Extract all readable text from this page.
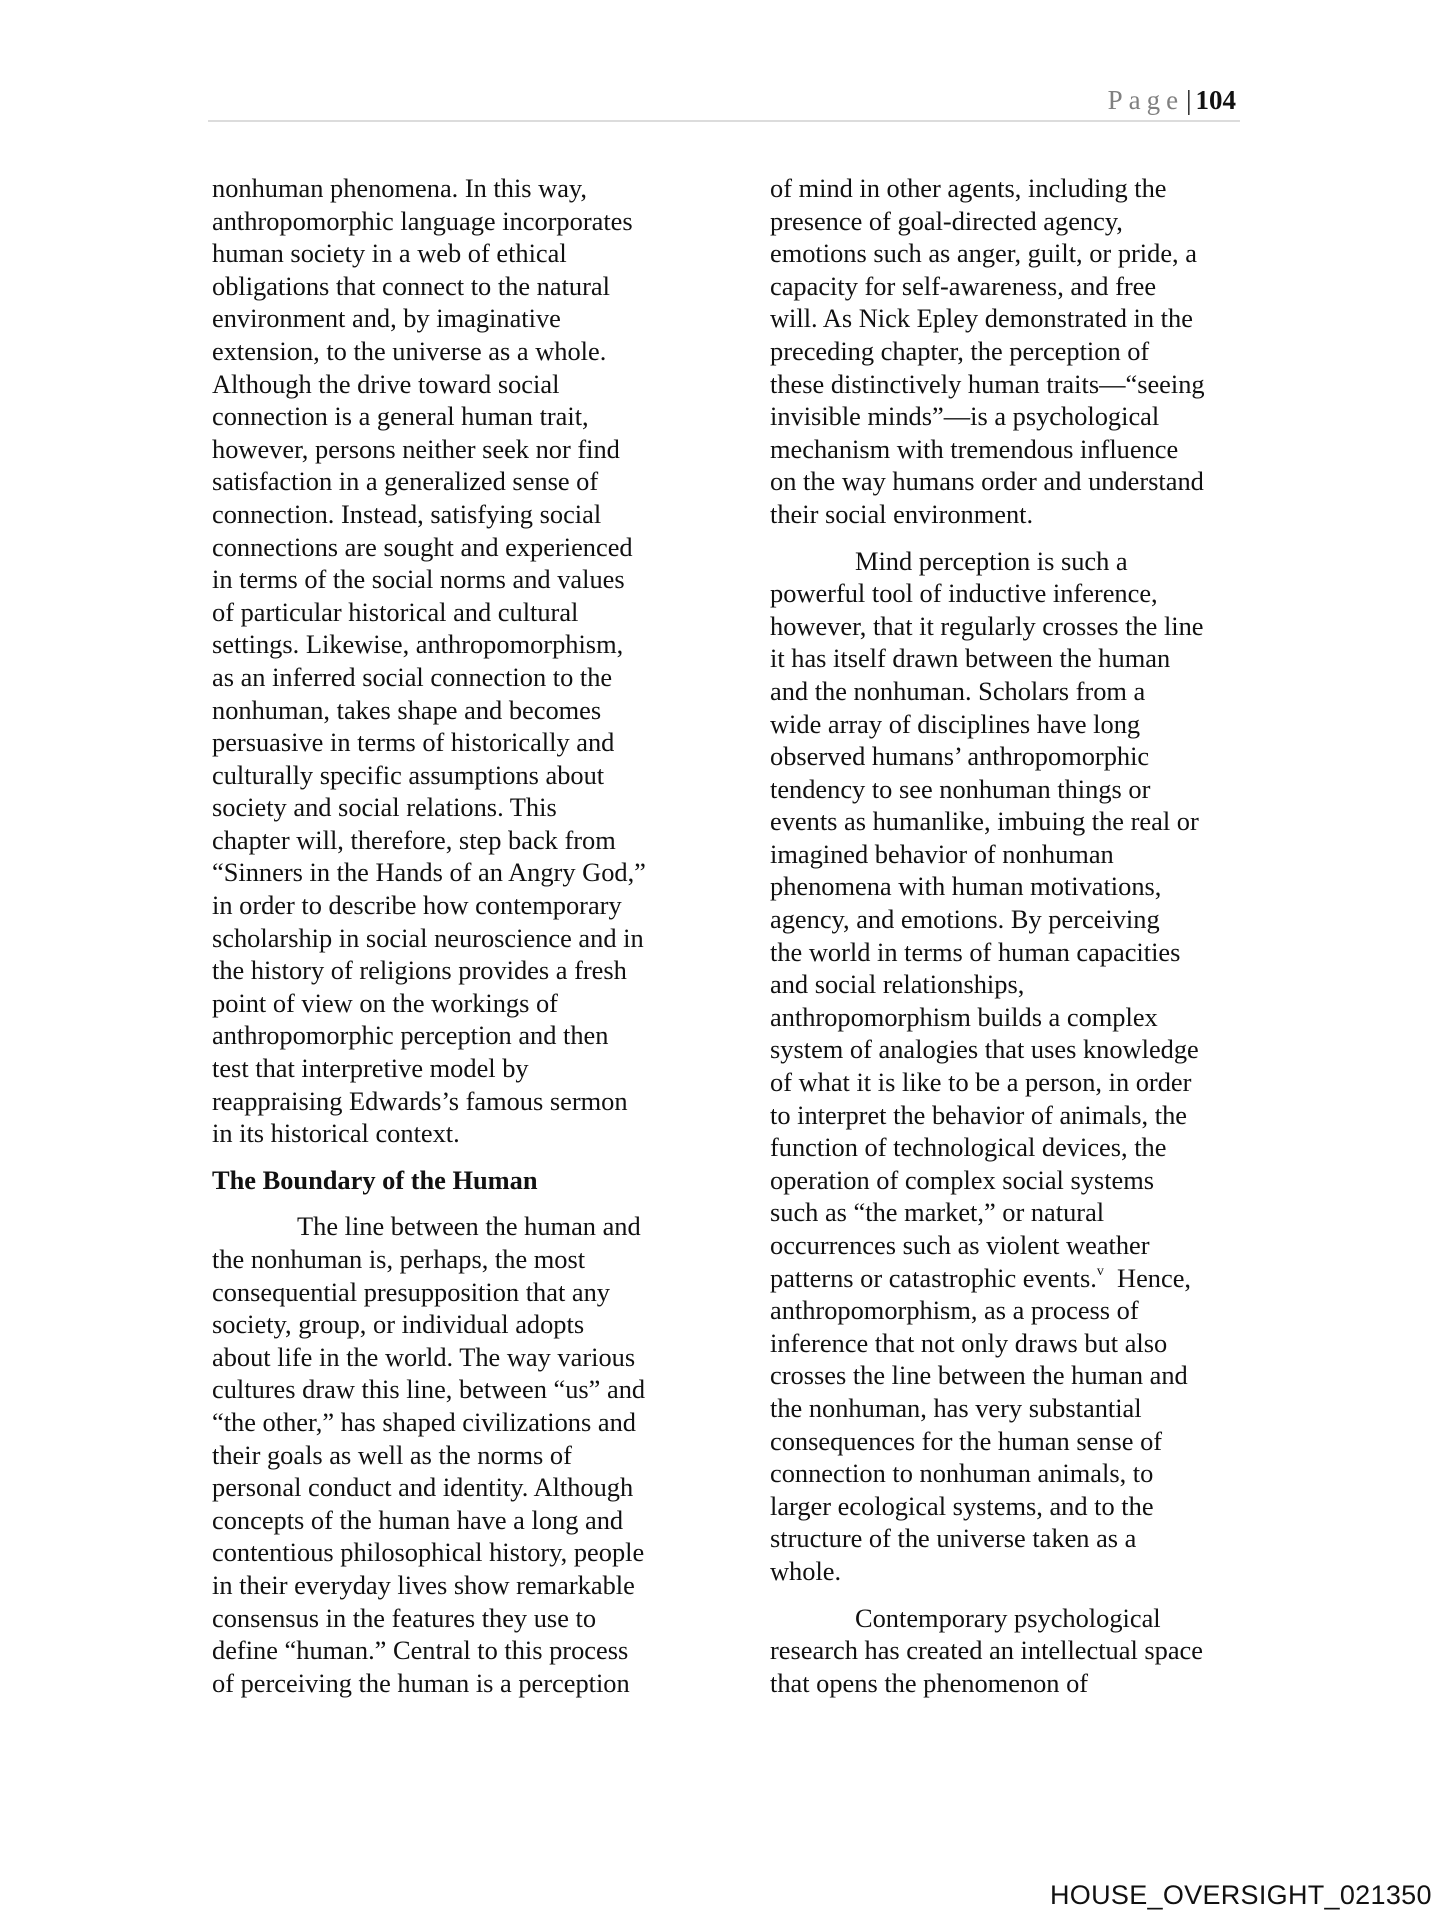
Page| 104
nonhuman phenomena. In this way,
anthropomorphic language incorporates
human society in a web of ethical
obligations that connect to the natural
environment and, by imaginative
extension, to the universe as a whole.
Although the drive toward social
connection is a general human trait,
however, persons neither seek nor find
satisfaction in a generalized sense of
connection. Instead, satisfying social
connections are sought and experienced
in terms of the social norms and values
of particular historical and cultural
settings. Likewise, anthropomorphism,
as an inferred social connection to the
nonhuman, takes shape and becomes
persuasive in terms of historically and
culturally specific assumptions about
society and social relations. This
chapter will, therefore, step back from
“Sinners in the Hands of an Angry God,”
in order to describe how contemporary
scholarship in social neuroscience and in
the history of religions provides a fresh
point of view on the workings of
anthropomorphic perception and then
test that interpretive model by
reappraising Edwards’s famous sermon
in its historical context.
The Boundary of the Human
The line between the human and
the nonhuman is, perhaps, the most
consequential presupposition that any
society, group, or individual adopts
about life in the world. The way various
cultures draw this line, between “us” and
“the other,” has shaped civilizations and
their goals as well as the norms of
personal conduct and identity. Although
concepts of the human have a long and
contentious philosophical history, people
in their everyday lives show remarkable
consensus in the features they use to
define “human.” Central to this process
of perceiving the human is a perception
of mind in other agents, including the
presence of goal-directed agency,
emotions such as anger, guilt, or pride, a
capacity for self-awareness, and free
will. As Nick Epley demonstrated in the
preceding chapter, the perception of
these distinctively human traits—“seeing
invisible minds”—is a psychological
mechanism with tremendous influence
on the way humans order and understand
their social environment.
Mind perception is such a
powerful tool of inductive inference,
however, that it regularly crosses the line
it has itself drawn between the human
and the nonhuman. Scholars from a
wide array of disciplines have long
observed humans’ anthropomorphic
tendency to see nonhuman things or
events as humanlike, imbuing the real or
imagined behavior of nonhuman
phenomena with human motivations,
agency, and emotions. By perceiving
the world in terms of human capacities
and social relationships,
anthropomorphism builds a complex
system of analogies that uses knowledge
of what it is like to be a person, in order
to interpret the behavior of animals, the
function of technological devices, the
operation of complex social systems
such as “the market,” or natural
occurrences such as violent weather
patterns or catastrophic events.$^v$  Hence,
anthropomorphism, as a process of
inference that not only draws but also
crosses the line between the human and
the nonhuman, has very substantial
consequences for the human sense of
connection to nonhuman animals, to
larger ecological systems, and to the
structure of the universe taken as a
whole.
Contemporary psychological
research has created an intellectual space
that opens the phenomenon of
HOUSE_OVERSIGHT_021350
